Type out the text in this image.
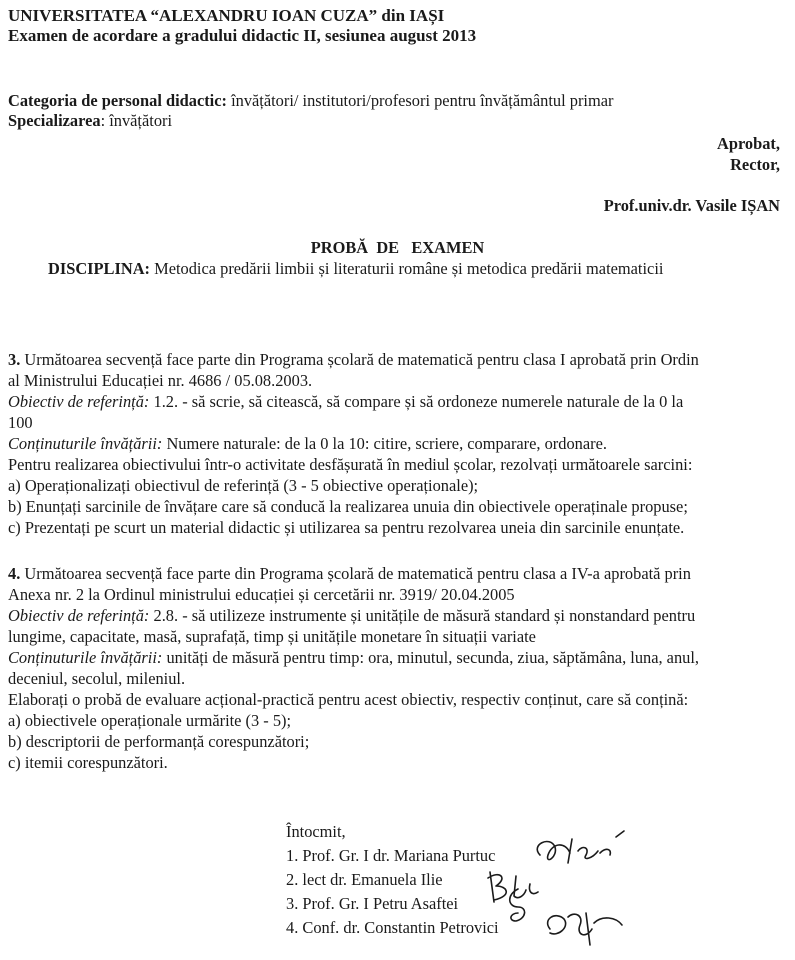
UNIVERSITATEA “ALEXANDRU IOAN CUZA” din IAȘI
Examen de acordare a gradului didactic II, sesiunea august 2013
Categoria de personal didactic: învățători/ institutori/profesori pentru învățământul primar
Specializarea: învățători
Aprobat,
Rector,
Prof.univ.dr. Vasile IȘAN
PROBĂ  DE   EXAMEN
DISCIPLINA: Metodica predării limbii și literaturii române și metodica predării matematicii
3. Următoarea secvență face parte din Programa școlară de matematică pentru clasa I aprobată prin Ordin
al Ministrului Educației nr. 4686 / 05.08.2003.
Obiectiv de referință: 1.2. - să scrie, să citească, să compare și să ordoneze numerele naturale de la 0 la
100
Conținuturile învățării: Numere naturale: de la 0 la 10: citire, scriere, comparare, ordonare.
Pentru realizarea obiectivului într-o activitate desfășurată în mediul școlar, rezolvați următoarele sarcini:
a) Operaționalizați obiectivul de referință (3 - 5 obiective operaționale);
b) Enunțați sarcinile de învățare care să conducă la realizarea unuia din obiectivele operaținale propuse;
c) Prezentați pe scurt un material didactic și utilizarea sa pentru rezolvarea uneia din sarcinile enunțate.
4. Următoarea secvență face parte din Programa școlară de matematică pentru clasa a IV-a aprobată prin
Anexa nr. 2 la Ordinul ministrului educației și cercetării nr. 3919/ 20.04.2005
Obiectiv de referință: 2.8. - să utilizeze instrumente și unitățile de măsură standard și nonstandard pentru
lungime, capacitate, masă, suprafață, timp și unitățile monetare în situații variate
Conținuturile învățării: unități de măsură pentru timp: ora, minutul, secunda, ziua, săptămâna, luna, anul,
deceniul, secolul, mileniul.
Elaborați o probă de evaluare acțional-practică pentru acest obiectiv, respectiv conținut, care să conțină:
a) obiectivele operaționale urmărite (3 - 5);
b) descriptorii de performanță corespunzători;
c) itemii corespunzători.
Întocmit,
1. Prof. Gr. I dr. Mariana Purtuc
2. lect dr. Emanuela Ilie
3. Prof. Gr. I Petru Asaftei
4. Conf. dr. Constantin Petrovici
